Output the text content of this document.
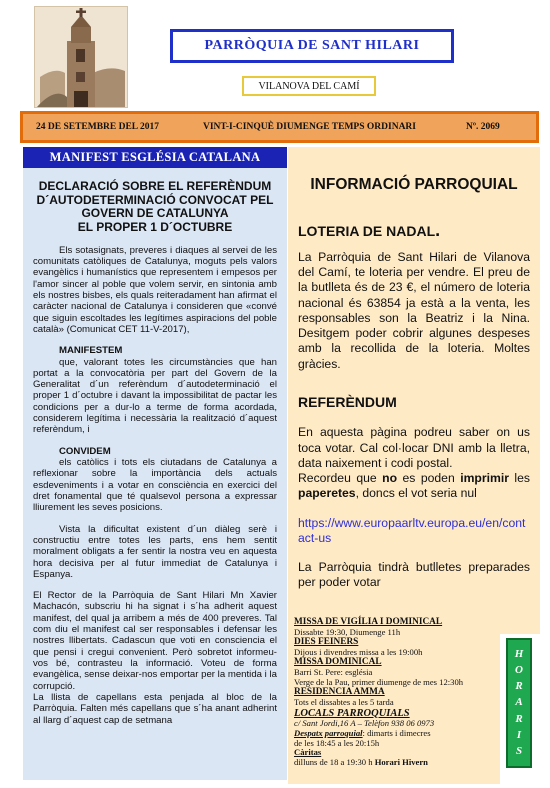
PARRÒQUIA DE SANT HILARI
VILANOVA DEL CAMÍ
24 DE SETEMBRE DEL 2017	VINT-I-CINQUÈ DIUMENGE TEMPS ORDINARI	Nº. 2069
MANIFEST ESGLÉSIA CATALANA
DECLARACIÓ SOBRE EL REFERÈNDUM
D´AUTODETERMINACIÓ CONVOCAT PEL
GOVERN DE CATALUNYA
EL PROPER 1 D´OCTUBRE

Els sotasignats, preveres i diaques al servei de les comunitats catòliques de Catalunya, moguts pels valors evangèlics i humanístics que representem i empesos per l'amor sincer al poble que volem servir, en sintonia amb els nostres bisbes, els quals reiteradament han afirmat el caràcter nacional de Catalunya i consideren que «convé que siguin escoltades les legítimes aspiracions del poble català» (Comunicat CET 11-V-2017),

MANIFESTEM

que, valorant totes les circumstàncies que han portat a la convocatòria per part del Govern de la Generalitat d´un referèndum d´autodeterminació el proper 1 d´octubre i davant la impossibilitat de pactar les condicions per a dur-lo a terme de forma acordada, considerem legítima i necessària la realització d´aquest referèndum, i

CONVIDEM

els catòlics i tots els ciutadans de Catalunya a reflexionar sobre la importància dels actuals esdeveniments i a votar en consciència en exercici del dret fonamental que té qualsevol persona a expressar lliurement les seves posicions.

Vista la dificultat existent d´un diàleg serè i constructiu entre totes les parts, ens hem sentit moralment obligats a fer sentir la nostra veu en aquesta hora decisiva per al futur immediat de Catalunya i Espanya.

El Rector de la Parròquia de Sant Hilari Mn Xavier Machacón, subscriu hi ha signat i s´ha adherit aquest manifest, del qual ja arribem a més de 400 preveres. Tal com diu el manifest cal ser responsables i defensar les nostres llibertats. Cadascun que voti en consciencia el que pensi i cregui convenient. Però sobretot informeu-vos bé, contrasteu la informació. Voteu de forma evangèlica, sense deixar-nos emportar per la mentida i la corrupció.

La llista de capellans esta penjada al bloc de la Parròquia. Falten més capellans que s´ha anant adherint al llarg d´aquest cap de setmana

INFORMACIÓ PARROQUIAL
LOTERIA DE NADAL.

La Parròquia de Sant Hilari de Vilanova del Camí, te loteria per vendre. El preu de la butlleta és de 23 €, el número de loteria nacional és 63854 ja està a la venta, les responsables son la Beatriz i la Nina. Desitgem poder cobrir algunes despeses amb la recollida de la loteria. Moltes gràcies.

REFERÈNDUM

En aquesta pàgina podreu saber on us toca votar. Cal col·locar DNI amb la lletra, data naixement i codi postal.

Recordeu que no es poden imprimir les paperetes, doncs el vot seria nul

https://www.europaarltv.europa.eu/en/contact-us

La Parròquia tindrà butlletes preparades per poder votar

MISSA DE VIGÍLIA I DOMINICAL
Dissabte 19:30, Diumenge 11h
DIES FEINERS
Dijous i divendres missa a les 19:00h
MISSA DOMINICAL
Barri St. Pere: església
Verge de la Pau, primer diumenge de mes 12:30h
RESIDENCIA AMMA
Tots el dissabtes a les 5 tarda
LOCALS PARROQUIALS
c/ Sant Jordi,16 A – Telèfon 938 06 0973
Despatx parroquial: dimarts i dimecres
de les 18:45 a les 20:15h
Càritas
dilluns de 18 a 19:30 h Horari Hivern
H
O
R
A
R
I
S
